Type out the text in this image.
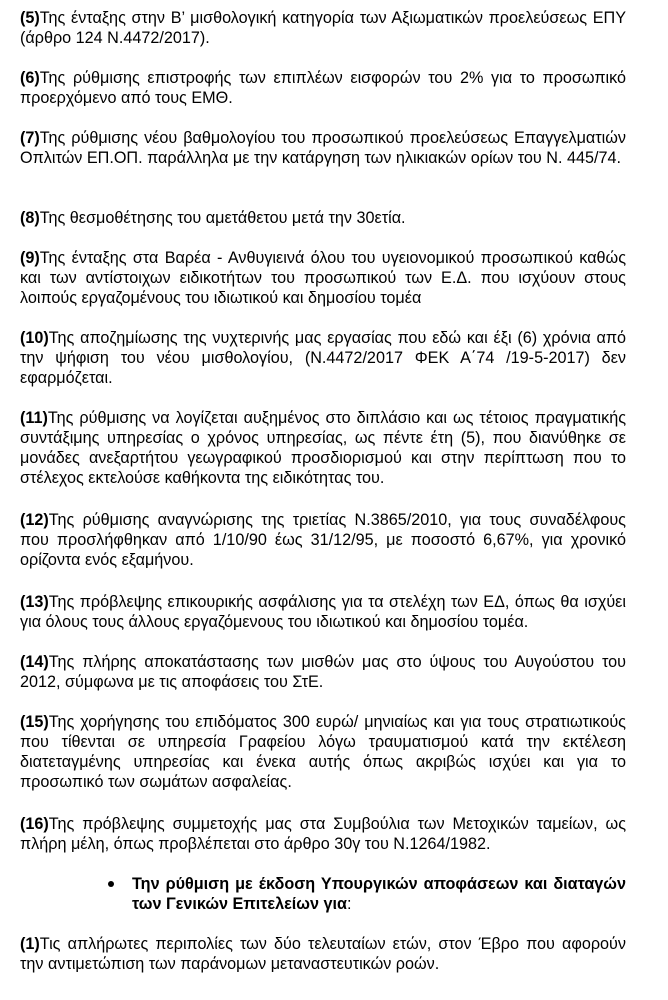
(5)Της ένταξης στην Β’ μισθολογική κατηγορία των Αξιωματικών προελεύσεως ΕΠΥ (άρθρο 124 Ν.4472/2017).

(6)Της ρύθμισης επιστροφής των επιπλέων εισφορών του 2% για το προσωπικό προερχόμενο από τους ΕΜΘ.

(7)Της ρύθμισης νέου βαθμολογίου του προσωπικού προελεύσεως Επαγγελματιών Οπλιτών ΕΠ.ΟΠ. παράλληλα με την κατάργηση των ηλικιακών ορίων του Ν. 445/74.

(8)Της θεσμοθέτησης του αμετάθετου μετά την 30ετία.

(9)Της ένταξης στα Βαρέα - Ανθυγιεινά όλου του υγειονομικού προσωπικού καθώς και των αντίστοιχων ειδικοτήτων του προσωπικού των Ε.Δ. που ισχύουν στους λοιπούς εργαζομένους του ιδιωτικού και δημοσίου τομέα

(10)Της αποζημίωσης της νυχτερινής μας εργασίας που εδώ και έξι (6) χρόνια από την ψήφιση του νέου μισθολογίου, (Ν.4472/2017 ΦΕΚ Α΄74 /19-5-2017) δεν εφαρμόζεται.

(11)Της ρύθμισης να λογίζεται αυξημένος στο διπλάσιο και ως τέτοιος πραγματικής συντάξιμης υπηρεσίας ο χρόνος υπηρεσίας, ως πέντε έτη (5), που διανύθηκε σε μονάδες ανεξαρτήτου γεωγραφικού προσδιορισμού και στην περίπτωση που το στέλεχος εκτελούσε καθήκοντα της ειδικότητας του.

(12)Της ρύθμισης αναγνώρισης της τριετίας Ν.3865/2010, για τους συναδέλφους που προσλήφθηκαν από 1/10/90 έως 31/12/95, με ποσοστό 6,67%, για χρονικό ορίζοντα ενός εξαμήνου.

(13)Της πρόβλεψης επικουρικής ασφάλισης για τα στελέχη των ΕΔ, όπως θα ισχύει για όλους τους άλλους εργαζόμενους του ιδιωτικού και δημοσίου τομέα.

(14)Της πλήρης αποκατάστασης των μισθών μας στο ύψους του Αυγούστου του 2012, σύμφωνα με τις αποφάσεις του ΣτΕ.

(15)Της χορήγησης του επιδόματος 300 ευρώ/ μηνιαίως και για τους στρατιωτικούς που τίθενται σε υπηρεσία Γραφείου λόγω τραυματισμού κατά την εκτέλεση διατεταγμένης υπηρεσίας και ένεκα αυτής όπως ακριβώς ισχύει και για το προσωπικό των σωμάτων ασφαλείας.

(16)Της πρόβλεψης συμμετοχής μας στα Συμβούλια των Μετοχικών ταμείων, ως πλήρη μέλη, όπως προβλέπεται στο άρθρο 30γ του Ν.1264/1982.

Την ρύθμιση με έκδοση Υπουργικών αποφάσεων και διαταγών των Γενικών Επιτελείων για:

(1)Τις απλήρωτες περιπολίες των δύο τελευταίων ετών, στον Έβρο που αφορούν την αντιμετώπιση των παράνομων μεταναστευτικών ροών.
